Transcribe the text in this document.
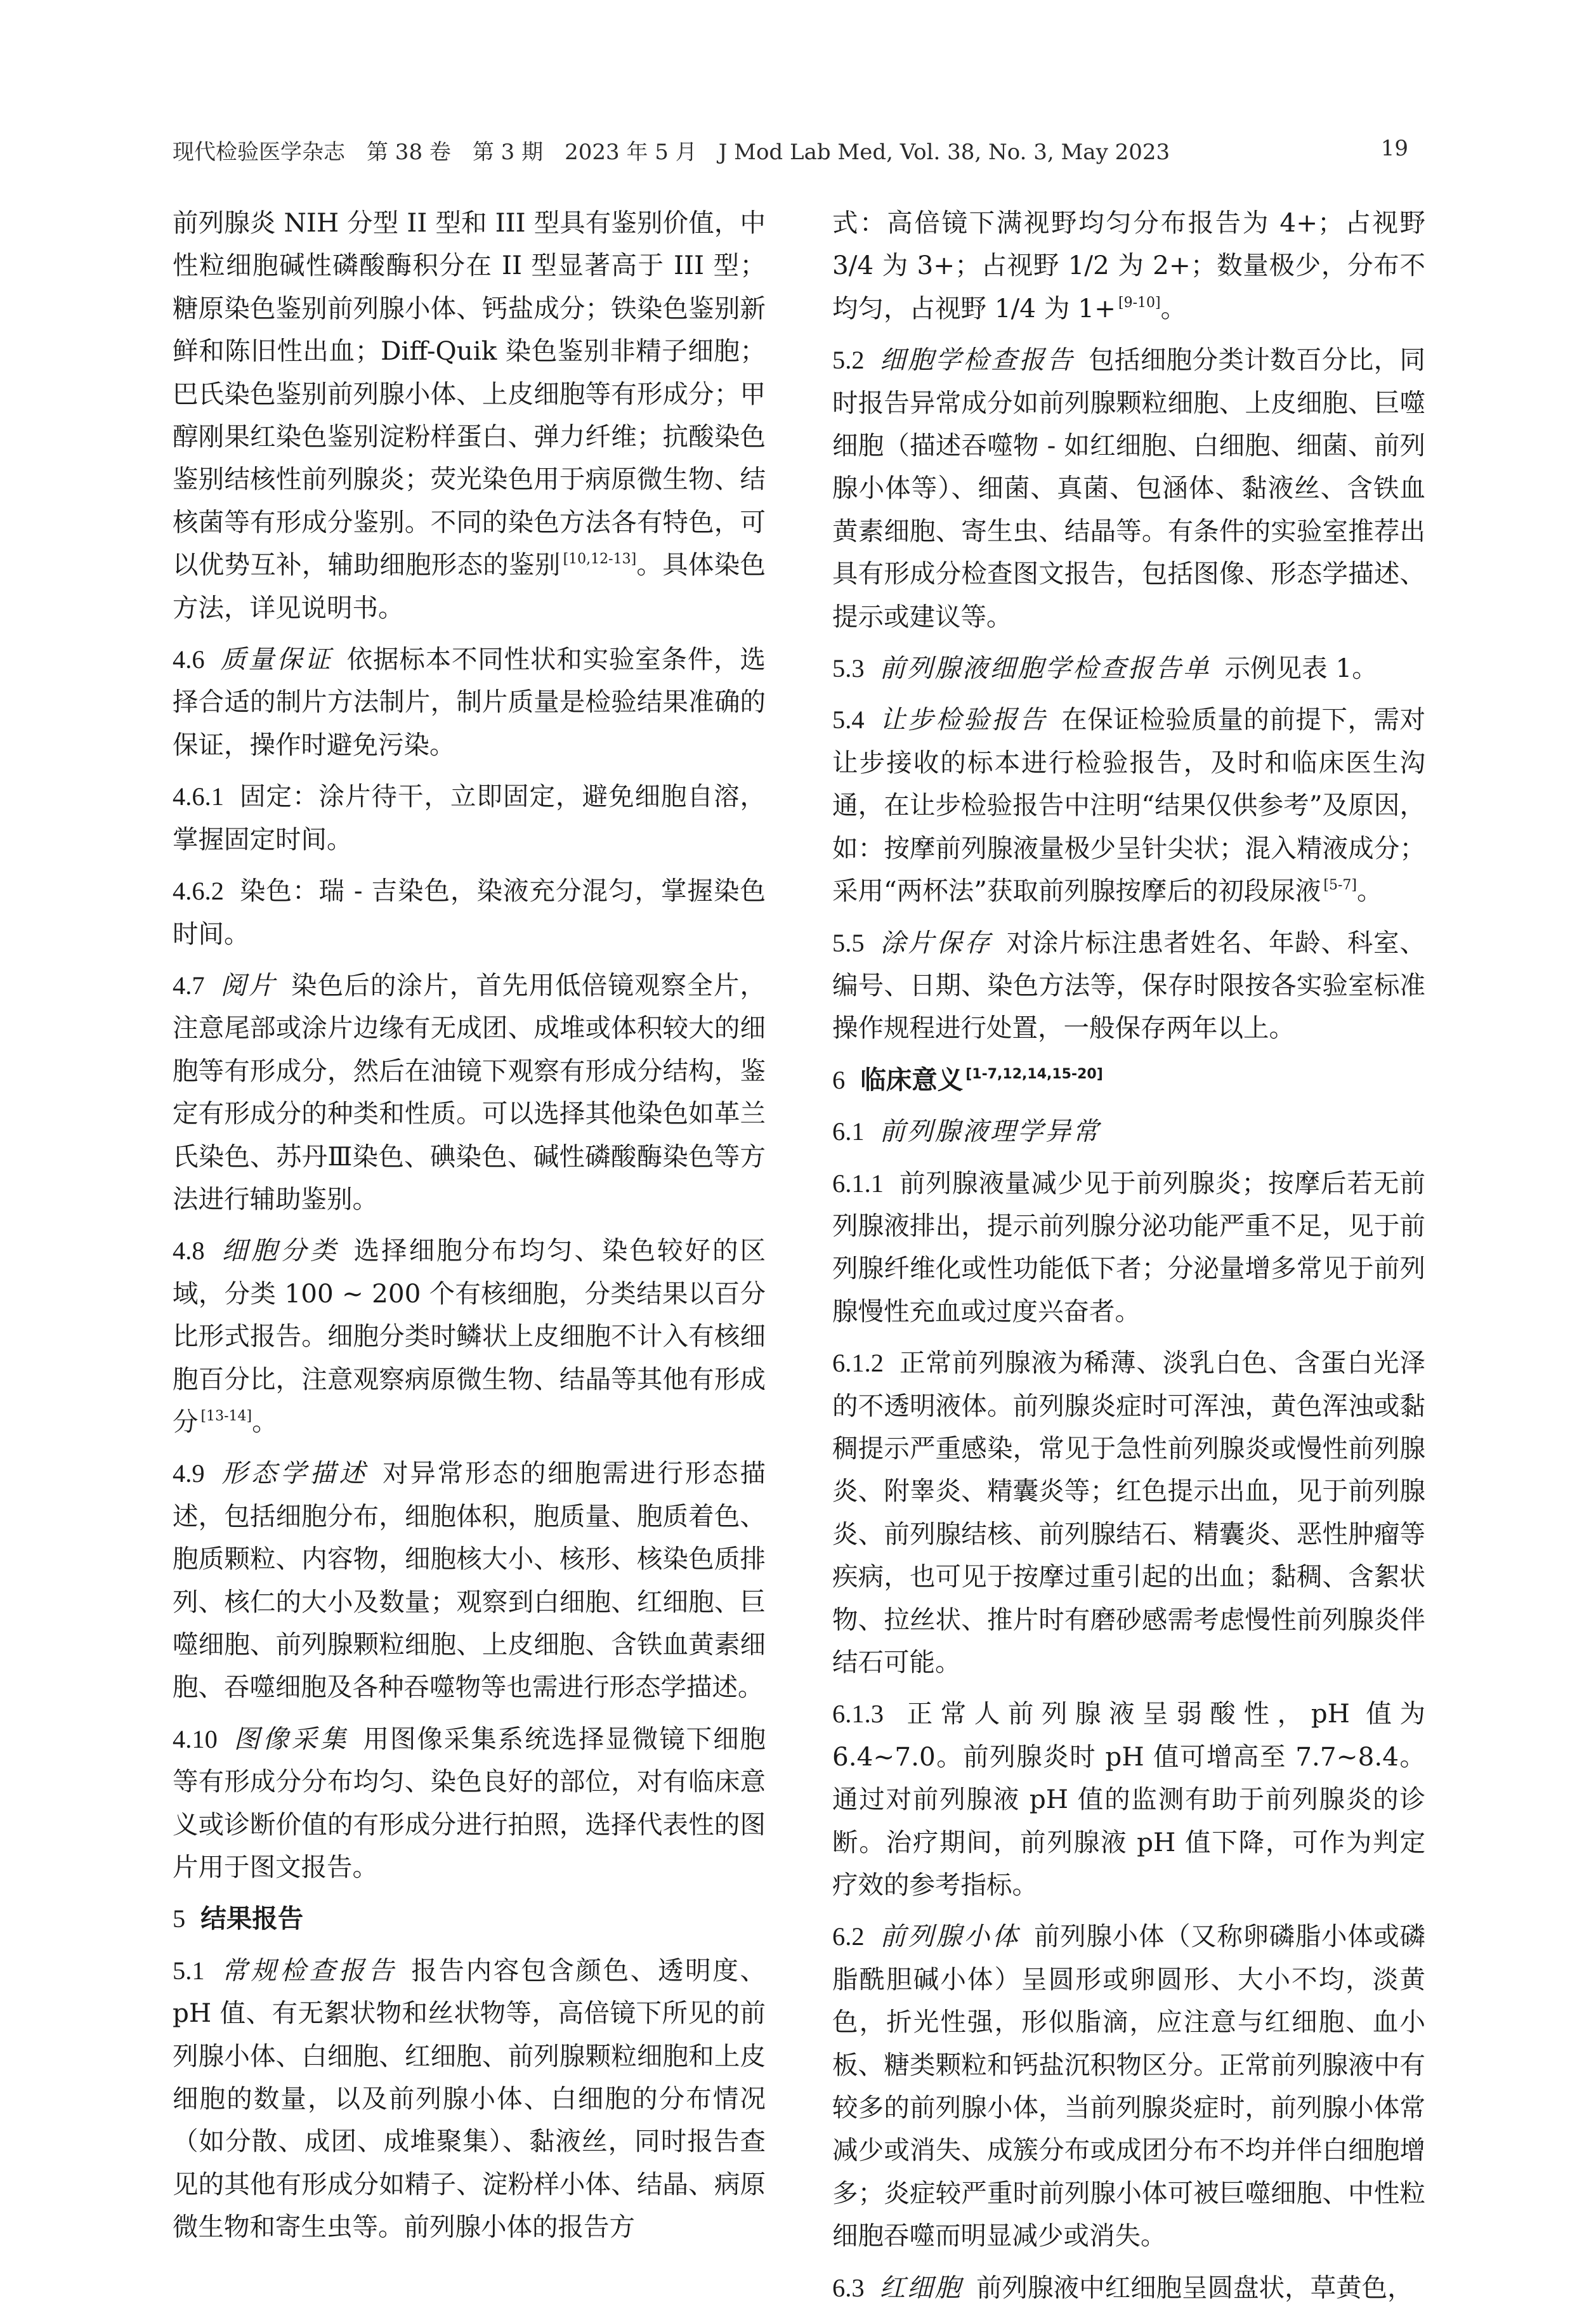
现代检验医学杂志　第 38 卷　第 3 期　2023 年 5 月　J Mod Lab Med, Vol. 38, No. 3, May 2023	19

前列腺炎 NIH 分型 II 型和 III 型具有鉴别价值，中性粒细胞碱性磷酸酶积分在 II 型显著高于 III 型；糖原染色鉴别前列腺小体、钙盐成分；铁染色鉴别新鲜和陈旧性出血；Diff-Quik 染色鉴别非精子细胞；巴氏染色鉴别前列腺小体、上皮细胞等有形成分；甲醇刚果红染色鉴别淀粉样蛋白、弹力纤维；抗酸染色鉴别结核性前列腺炎；荧光染色用于病原微生物、结核菌等有形成分鉴别。不同的染色方法各有特色，可以优势互补，辅助细胞形态的鉴别 [10,12-13]。具体染色方法，详见说明书。

4.6 质量保证 依据标本不同性状和实验室条件，选择合适的制片方法制片，制片质量是检验结果准确的保证，操作时避免污染。

4.6.1 固定：涂片待干，立即固定，避免细胞自溶，掌握固定时间。

4.6.2 染色：瑞 - 吉染色，染液充分混匀，掌握染色时间。

4.7 阅片 染色后的涂片，首先用低倍镜观察全片，注意尾部或涂片边缘有无成团、成堆或体积较大的细胞等有形成分，然后在油镜下观察有形成分结构，鉴定有形成分的种类和性质。可以选择其他染色如革兰氏染色、苏丹Ⅲ染色、碘染色、碱性磷酸酶染色等方法进行辅助鉴别。

4.8 细胞分类 选择细胞分布均匀、染色较好的区域，分类 100 ~ 200 个有核细胞，分类结果以百分比形式报告。细胞分类时鳞状上皮细胞不计入有核细胞百分比，注意观察病原微生物、结晶等其他有形成分 [13-14]。

4.9 形态学描述 对异常形态的细胞需进行形态描述，包括细胞分布，细胞体积，胞质量、胞质着色、胞质颗粒、内容物，细胞核大小、核形、核染色质排列、核仁的大小及数量；观察到白细胞、红细胞、巨噬细胞、前列腺颗粒细胞、上皮细胞、含铁血黄素细胞、吞噬细胞及各种吞噬物等也需进行形态学描述。

4.10 图像采集 用图像采集系统选择显微镜下细胞等有形成分分布均匀、染色良好的部位，对有临床意义或诊断价值的有形成分进行拍照，选择代表性的图片用于图文报告。

5 结果报告

5.1 常规检查报告 报告内容包含颜色、透明度、pH 值、有无絮状物和丝状物等，高倍镜下所见的前列腺小体、白细胞、红细胞、前列腺颗粒细胞和上皮细胞的数量，以及前列腺小体、白细胞的分布情况（如分散、成团、成堆聚集）、黏液丝，同时报告查见的其他有形成分如精子、淀粉样小体、结晶、病原微生物和寄生虫等。前列腺小体的报告方

式：高倍镜下满视野均匀分布报告为 4+；占视野 3/4 为 3+；占视野 1/2 为 2+；数量极少，分布不均匀，占视野 1/4 为 1+ [9-10]。

5.2 细胞学检查报告 包括细胞分类计数百分比，同时报告异常成分如前列腺颗粒细胞、上皮细胞、巨噬细胞（描述吞噬物 - 如红细胞、白细胞、细菌、前列腺小体等）、细菌、真菌、包涵体、黏液丝、含铁血黄素细胞、寄生虫、结晶等。有条件的实验室推荐出具有形成分检查图文报告，包括图像、形态学描述、提示或建议等。

5.3 前列腺液细胞学检查报告单 示例见表 1。

5.4 让步检验报告 在保证检验质量的前提下，需对让步接收的标本进行检验报告，及时和临床医生沟通，在让步检验报告中注明“结果仅供参考”及原因，如：按摩前列腺液量极少呈针尖状；混入精液成分；采用“两杯法”获取前列腺按摩后的初段尿液 [5-7]。

5.5 涂片保存 对涂片标注患者姓名、年龄、科室、编号、日期、染色方法等，保存时限按各实验室标准操作规程进行处置，一般保存两年以上。

6 临床意义 [1-7,12,14,15-20]

6.1 前列腺液理学异常

6.1.1 前列腺液量减少见于前列腺炎；按摩后若无前列腺液排出，提示前列腺分泌功能严重不足，见于前列腺纤维化或性功能低下者；分泌量增多常见于前列腺慢性充血或过度兴奋者。

6.1.2 正常前列腺液为稀薄、淡乳白色、含蛋白光泽的不透明液体。前列腺炎症时可浑浊，黄色浑浊或黏稠提示严重感染，常见于急性前列腺炎或慢性前列腺炎、附睾炎、精囊炎等；红色提示出血，见于前列腺炎、前列腺结核、前列腺结石、精囊炎、恶性肿瘤等疾病，也可见于按摩过重引起的出血；黏稠、含絮状物、拉丝状、推片时有磨砂感需考虑慢性前列腺炎伴结石可能。

6.1.3 正常人前列腺液呈弱酸性，pH 值为 6.4~7.0。前列腺炎时 pH 值可增高至 7.7~8.4。通过对前列腺液 pH 值的监测有助于前列腺炎的诊断。治疗期间，前列腺液 pH 值下降，可作为判定疗效的参考指标。

6.2 前列腺小体 前列腺小体（又称卵磷脂小体或磷脂酰胆碱小体）呈圆形或卵圆形、大小不均，淡黄色，折光性强，形似脂滴，应注意与红细胞、血小板、糖类颗粒和钙盐沉积物区分。正常前列腺液中有较多的前列腺小体，当前列腺炎症时，前列腺小体常减少或消失、成簇分布或成团分布不均并伴白细胞增多；炎症较严重时前列腺小体可被巨噬细胞、中性粒细胞吞噬而明显减少或消失。

6.3 红细胞 前列腺液中红细胞呈圆盘状，草黄色，
